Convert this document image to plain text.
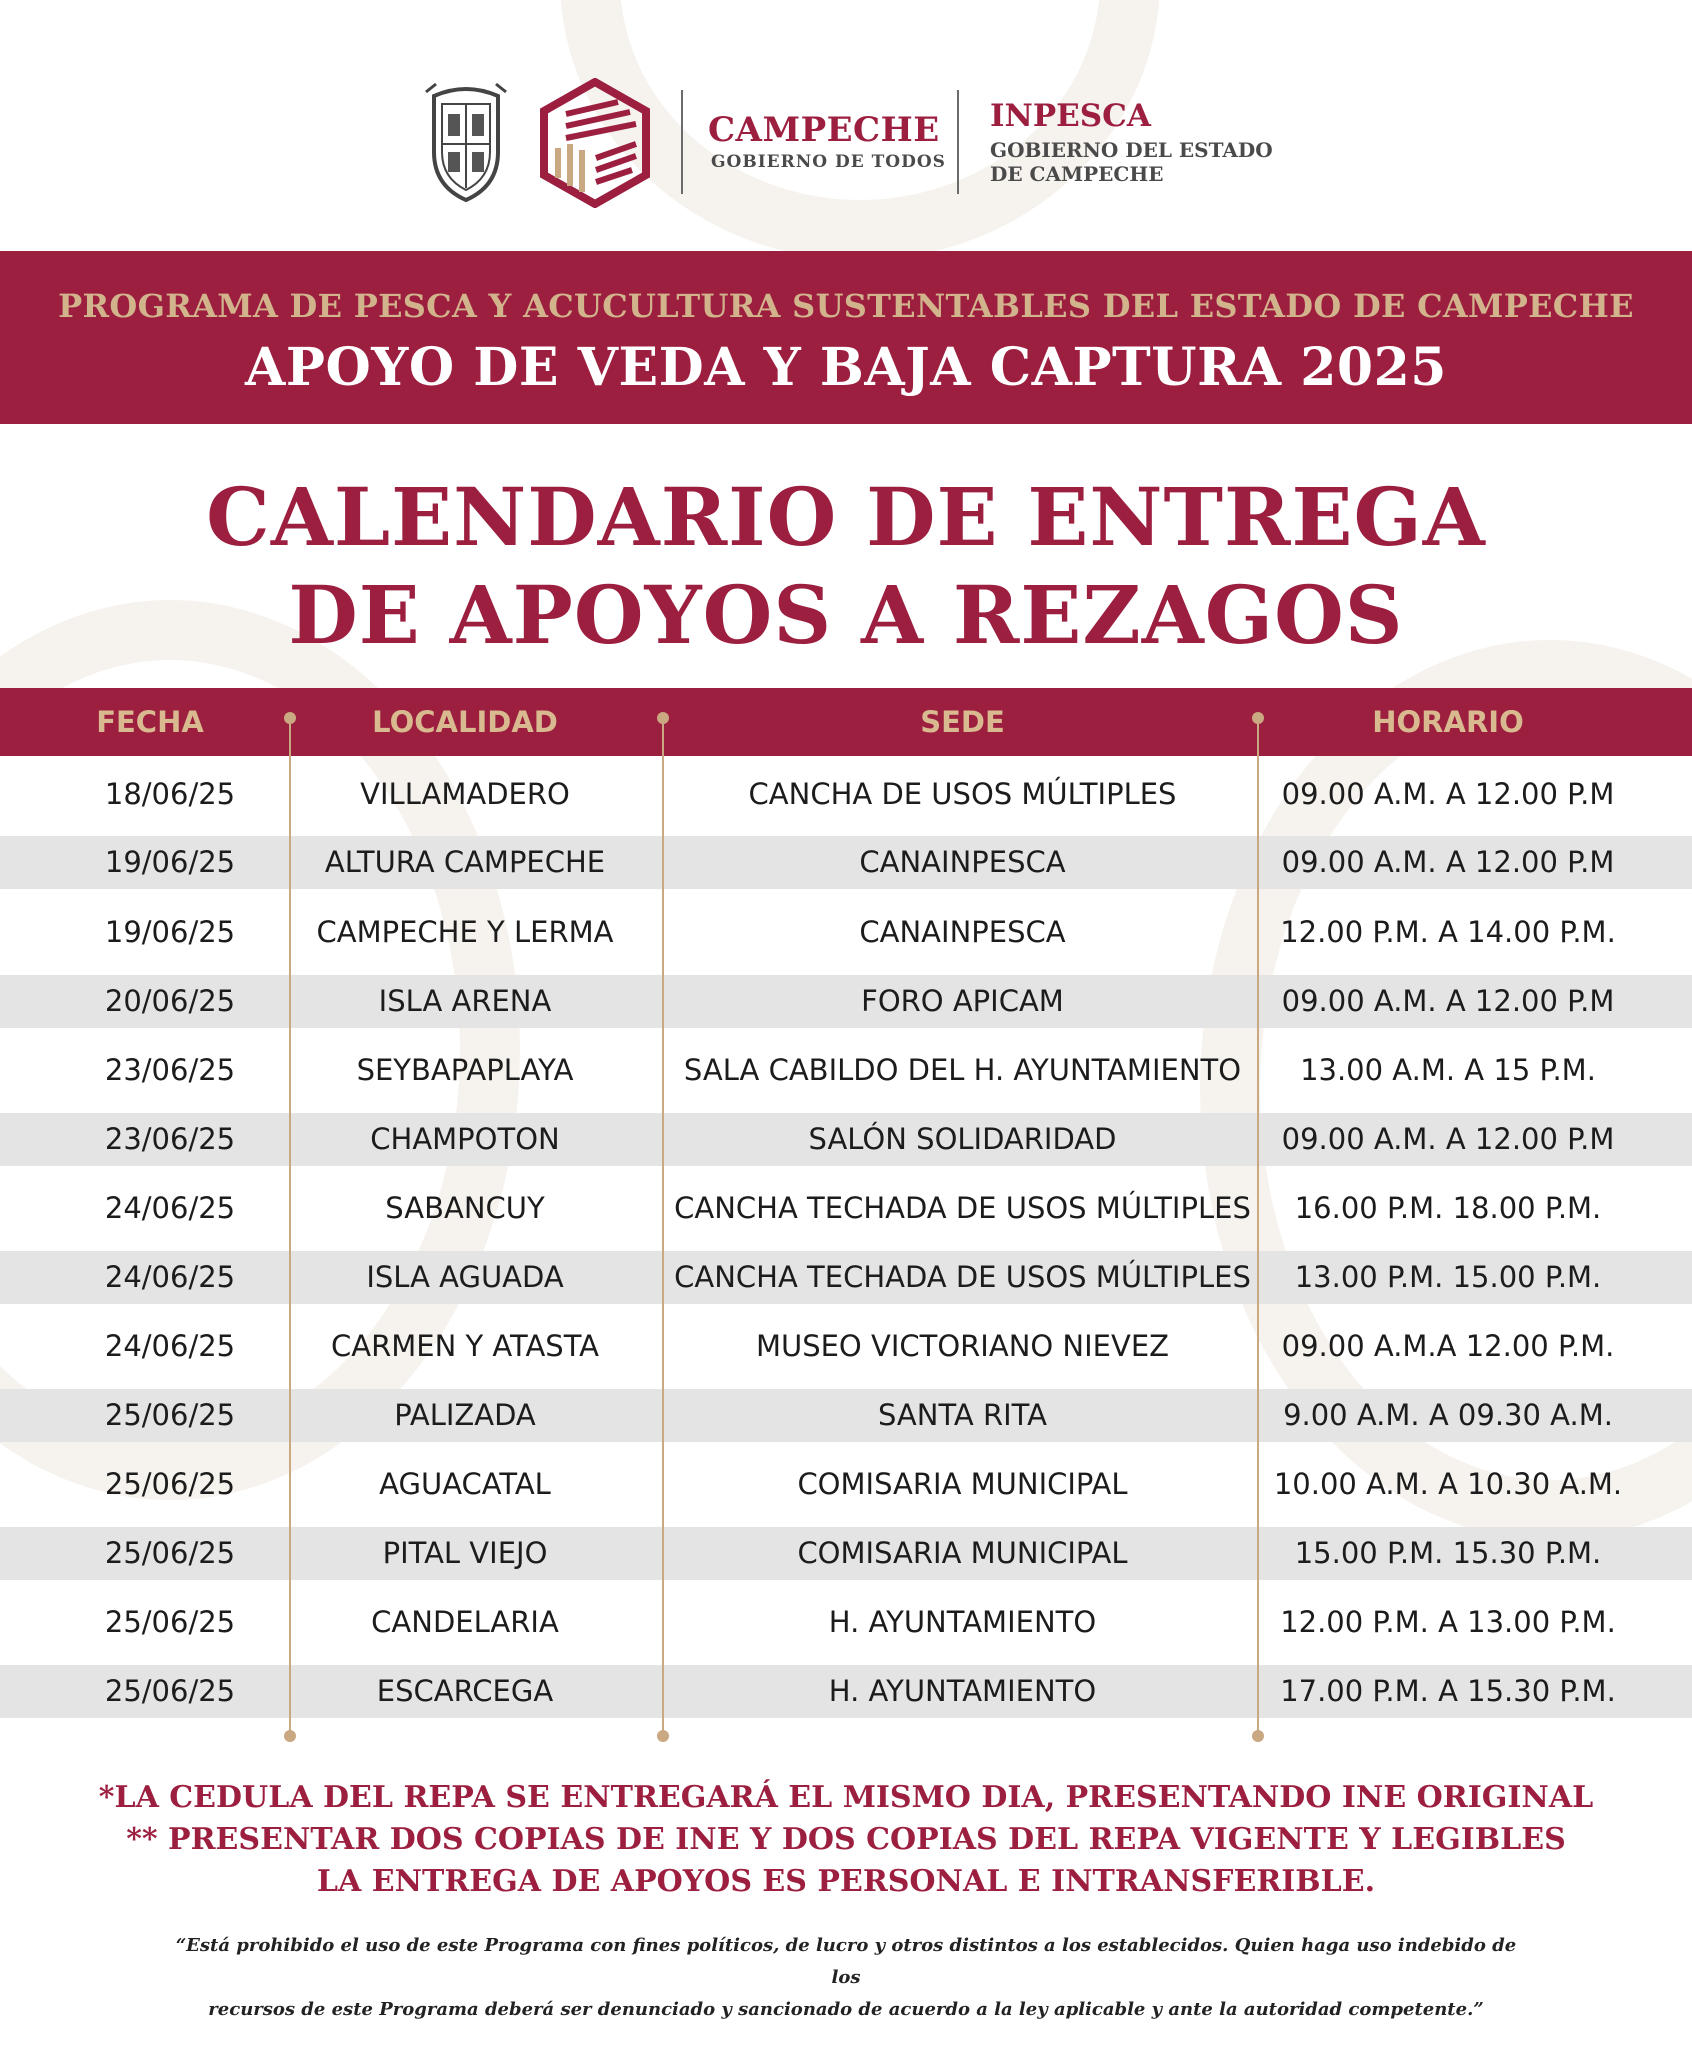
CAMPECHE
GOBIERNO DE TODOS
INPESCA
GOBIERNO DEL ESTADO
DE CAMPECHE
PROGRAMA DE PESCA Y ACUCULTURA SUSTENTABLES DEL ESTADO DE CAMPECHE
APOYO DE VEDA Y BAJA CAPTURA 2025
CALENDARIO DE ENTREGA
DE APOYOS A REZAGOS
FECHA	LOCALIDAD	SEDE	HORARIO
18/06/25	VILLAMADERO	CANCHA DE USOS MÚLTIPLES	09.00 A.M. A 12.00 P.M
19/06/25	ALTURA CAMPECHE	CANAINPESCA	09.00 A.M. A 12.00 P.M
19/06/25	CAMPECHE Y LERMA	CANAINPESCA	12.00 P.M. A 14.00 P.M.
20/06/25	ISLA ARENA	FORO APICAM	09.00 A.M. A 12.00 P.M
23/06/25	SEYBAPAPLAYA	SALA CABILDO DEL H. AYUNTAMIENTO	13.00 A.M. A 15 P.M.
23/06/25	CHAMPOTON	SALÓN SOLIDARIDAD	09.00 A.M. A 12.00 P.M
24/06/25	SABANCUY	CANCHA TECHADA DE USOS MÚLTIPLES	16.00 P.M. 18.00 P.M.
24/06/25	ISLA AGUADA	CANCHA TECHADA DE USOS MÚLTIPLES	13.00 P.M. 15.00 P.M.
24/06/25	CARMEN Y ATASTA	MUSEO VICTORIANO NIEVEZ	09.00 A.M.A 12.00 P.M.
25/06/25	PALIZADA	SANTA RITA	9.00 A.M. A 09.30 A.M.
25/06/25	AGUACATAL	COMISARIA MUNICIPAL	10.00 A.M. A 10.30 A.M.
25/06/25	PITAL VIEJO	COMISARIA MUNICIPAL	15.00 P.M. 15.30 P.M.
25/06/25	CANDELARIA	H. AYUNTAMIENTO	12.00 P.M. A 13.00 P.M.
25/06/25	ESCARCEGA	H. AYUNTAMIENTO	17.00 P.M. A 15.30 P.M.
*LA CEDULA DEL REPA SE ENTREGARÁ EL MISMO DIA, PRESENTANDO INE ORIGINAL
** PRESENTAR DOS COPIAS DE INE Y DOS COPIAS DEL REPA VIGENTE Y LEGIBLES
LA ENTREGA DE APOYOS ES PERSONAL E INTRANSFERIBLE.
“Está prohibido el uso de este Programa con fines políticos, de lucro y otros distintos a los establecidos. Quien haga uso indebido de los
recursos de este Programa deberá ser denunciado y sancionado de acuerdo a la ley aplicable y ante la autoridad competente.”
